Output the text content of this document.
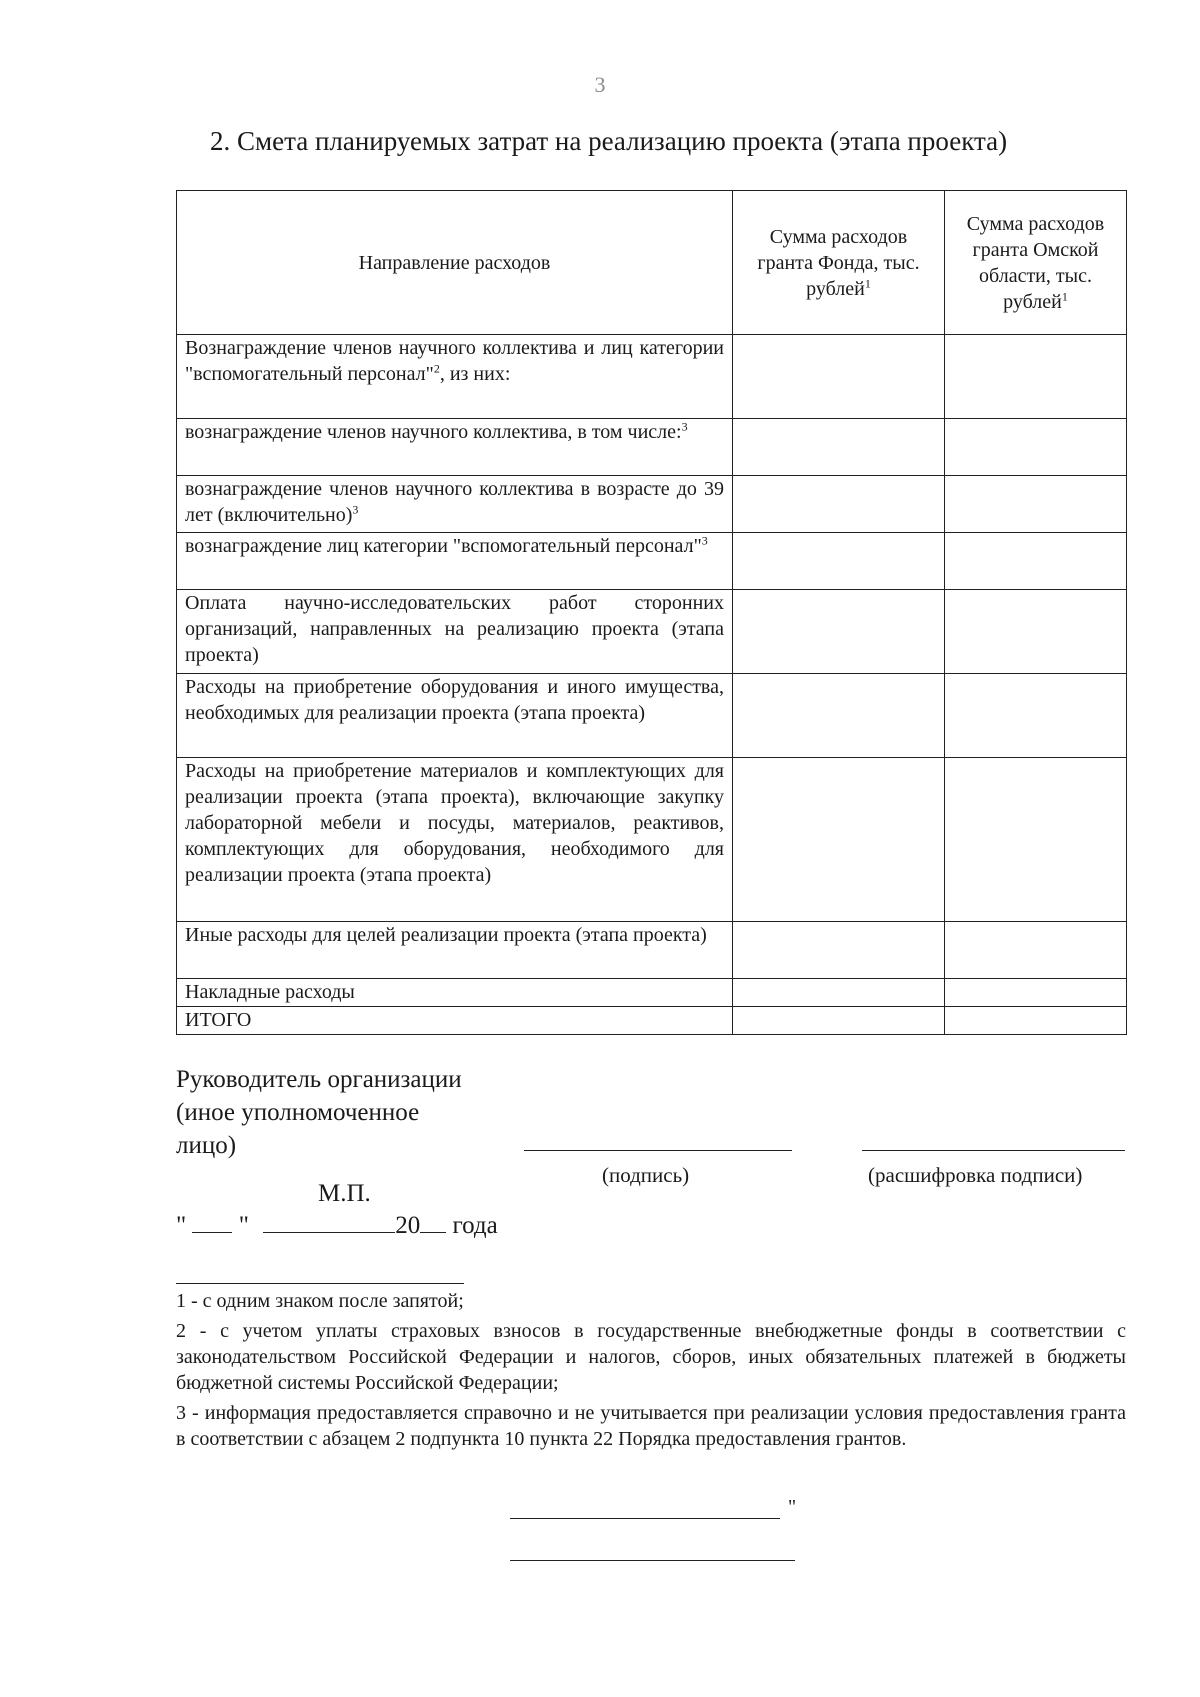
3
2. Смета планируемых затрат на реализацию проекта (этапа проекта)
Направление расходов	Сумма расходов гранта Фонда, тыс. рублей$^1$	Сумма расходов гранта Омской области, тыс. рублей$^1$
Вознаграждение членов научного коллектива и лиц категории "вспомогательный персонал"$^2$, из них:		
вознаграждение членов научного коллектива, в том числе:$^3$		
вознаграждение членов научного коллектива в возрасте до 39 лет (включительно)$^3$		
вознаграждение лиц категории "вспомогательный персонал"$^3$		
Оплата научно-исследовательских работ сторонних организаций, направленных на реализацию проекта (этапа проекта)		
Расходы на приобретение оборудования и иного имущества, необходимых для реализации проекта (этапа проекта)		
Расходы на приобретение материалов и комплектующих для реализации проекта (этапа проекта), включающие закупку лабораторной мебели и посуды, материалов, реактивов, комплектующих для оборудования, необходимого для реализации проекта (этапа проекта)		
Иные расходы для целей реализации проекта (этапа проекта)		
Накладные расходы		
ИТОГО		
Руководитель организации
(иное уполномоченное
лицо)
(подпись)	(расшифровка подписи)
М.П.
" "	20 года

1 - с одним знаком после запятой;

2 - с учетом уплаты страховых взносов в государственные внебюджетные фонды в соответствии с законодательством Российской Федерации и налогов, сборов, иных обязательных платежей в бюджеты бюджетной системы Российской Федерации;

3 - информация предоставляется справочно и не учитывается при реализации условия предоставления гранта в соответствии с абзацем 2 подпункта 10 пункта 22 Порядка предоставления грантов.

"
